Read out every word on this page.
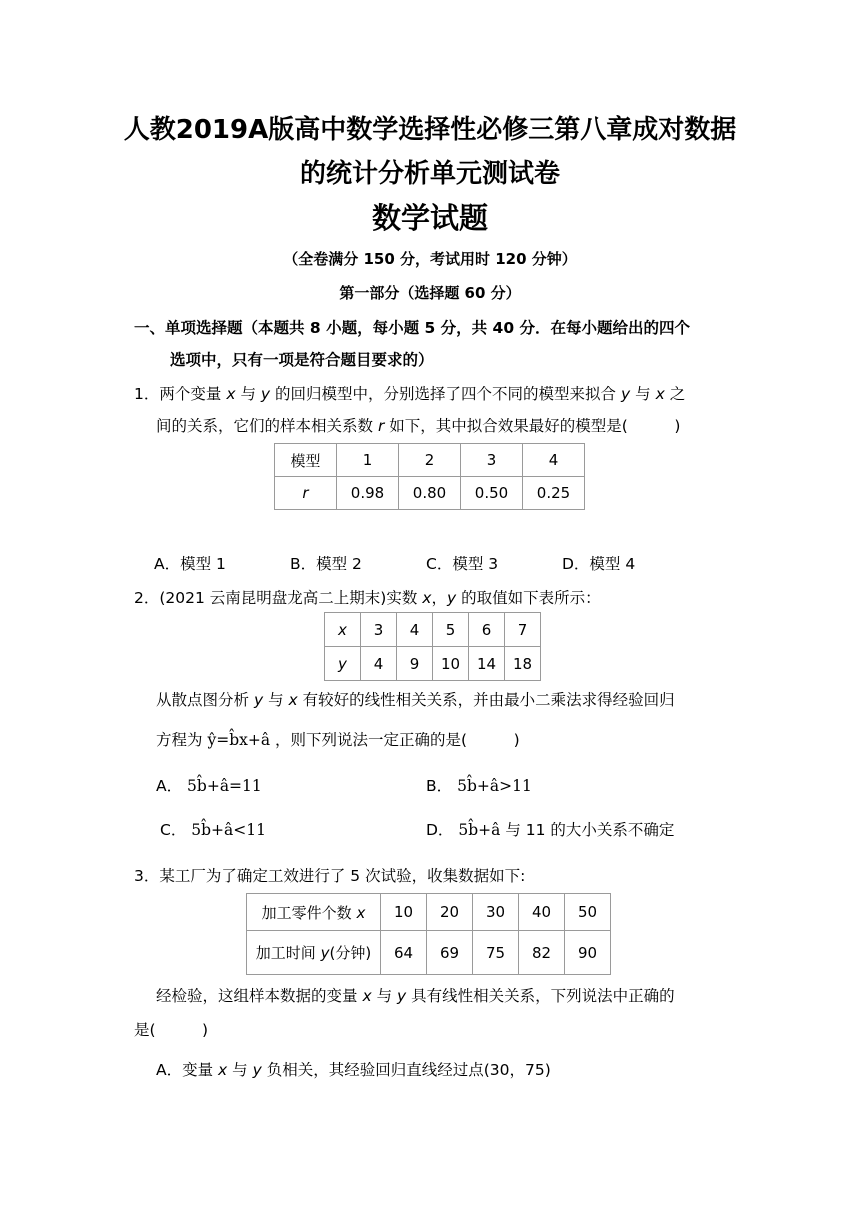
人教2019A版高中数学选择性必修三第八章成对数据
的统计分析单元测试卷
数学试题
（全卷满分 150 分，考试用时 120 分钟）
第一部分（选择题 60 分）
一、单项选择题（本题共 8 小题，每小题 5 分，共 40 分．在每小题给出的四个
选项中，只有一项是符合题目要求的）
1．两个变量 x 与 y 的回归模型中，分别选择了四个不同的模型来拟合 y 与 x 之
间的关系，它们的样本相关系数 r 如下，其中拟合效果最好的模型是(　　　)
模型	1	2	3	4
r	0.98	0.80	0.50	0.25
A．模型 1	B．模型 2	C．模型 3	D．模型 4
2．(2021 云南昆明盘龙高二上期末)实数 x，y 的取值如下表所示：
x	3	4	5	6	7
y	4	9	10	14	18
从散点图分析 y 与 x 有较好的线性相关关系，并由最小二乘法求得经验回归
方程为 ŷ=b̂x+â ，则下列说法一定正确的是(　　　)
A． 5b̂+â=11	B． 5b̂+â>11
C． 5b̂+â<11	D． 5b̂+â 与 11 的大小关系不确定
3．某工厂为了确定工效进行了 5 次试验，收集数据如下:
加工零件个数 x	10	20	30	40	50
加工时间 y(分钟)	64	69	75	82	90
经检验，这组样本数据的变量 x 与 y 具有线性相关关系，下列说法中正确的
是(　　　)
A．变量 x 与 y 负相关，其经验回归直线经过点(30，75)
